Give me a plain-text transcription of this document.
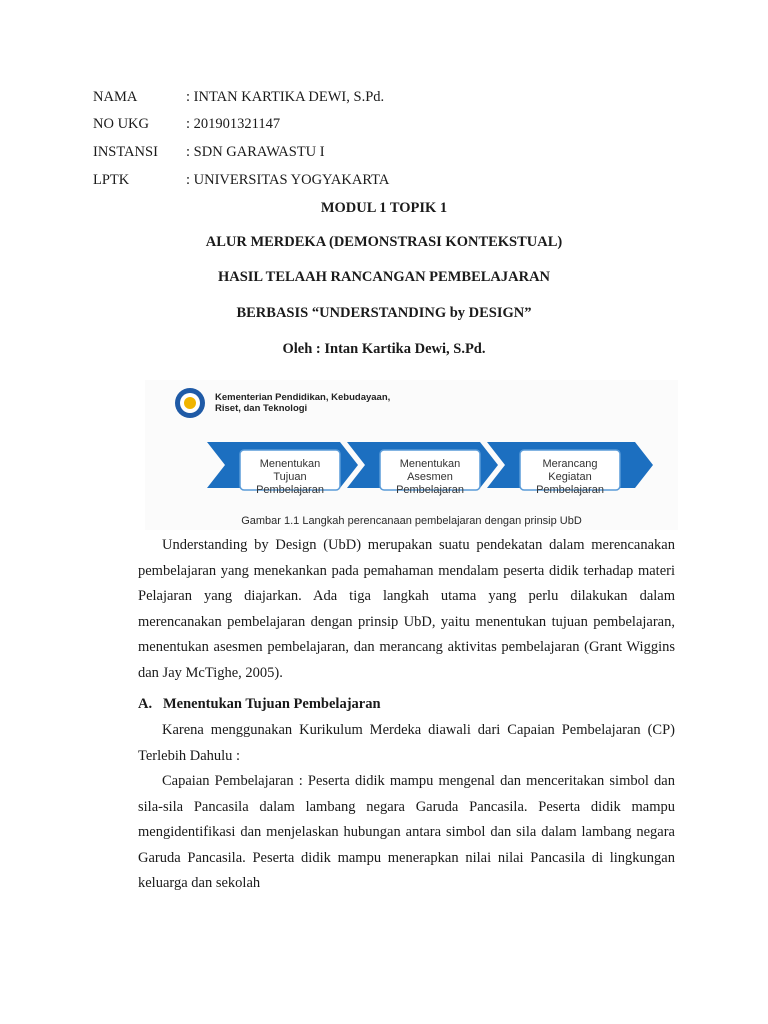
NAMA	: INTAN KARTIKA DEWI, S.Pd.
NO UKG	: 201901321147
INSTANSI : SDN GARAWASTU I
LPTK	: UNIVERSITAS YOGYAKARTA
MODUL 1 TOPIK 1
ALUR MERDEKA (DEMONSTRASI KONTEKSTUAL)
HASIL TELAAH RANCANGAN PEMBELAJARAN
BERBASIS “UNDERSTANDING by DESIGN”
Oleh : Intan Kartika Dewi, S.Pd.
Kementerian Pendidikan, Kebudayaan,
Riset, dan Teknologi
Menentukan Tujuan Pembelajaran
Menentukan Asesmen Pembelajaran
Merancang Kegiatan Pembelajaran
Gambar 1.1 Langkah perencanaan pembelajaran dengan prinsip UbD

Understanding by Design (UbD) merupakan suatu pendekatan dalam merencanakan pembelajaran yang menekankan pada pemahaman mendalam peserta didik terhadap materi Pelajaran yang diajarkan. Ada tiga langkah utama yang perlu dilakukan dalam merencanakan pembelajaran dengan prinsip UbD, yaitu menentukan tujuan pembelajaran, menentukan asesmen pembelajaran, dan merancang aktivitas pembelajaran (Grant Wiggins dan Jay McTighe, 2005).

A. Menentukan Tujuan Pembelajaran

Karena menggunakan Kurikulum Merdeka diawali dari Capaian Pembelajaran (CP) Terlebih Dahulu :

Capaian Pembelajaran : Peserta didik mampu mengenal dan menceritakan simbol dan sila-sila Pancasila dalam lambang negara Garuda Pancasila. Peserta didik mampu mengidentifikasi dan menjelaskan hubungan antara simbol dan sila dalam lambang negara Garuda Pancasila. Peserta didik mampu menerapkan nilai nilai Pancasila di lingkungan keluarga dan sekolah
